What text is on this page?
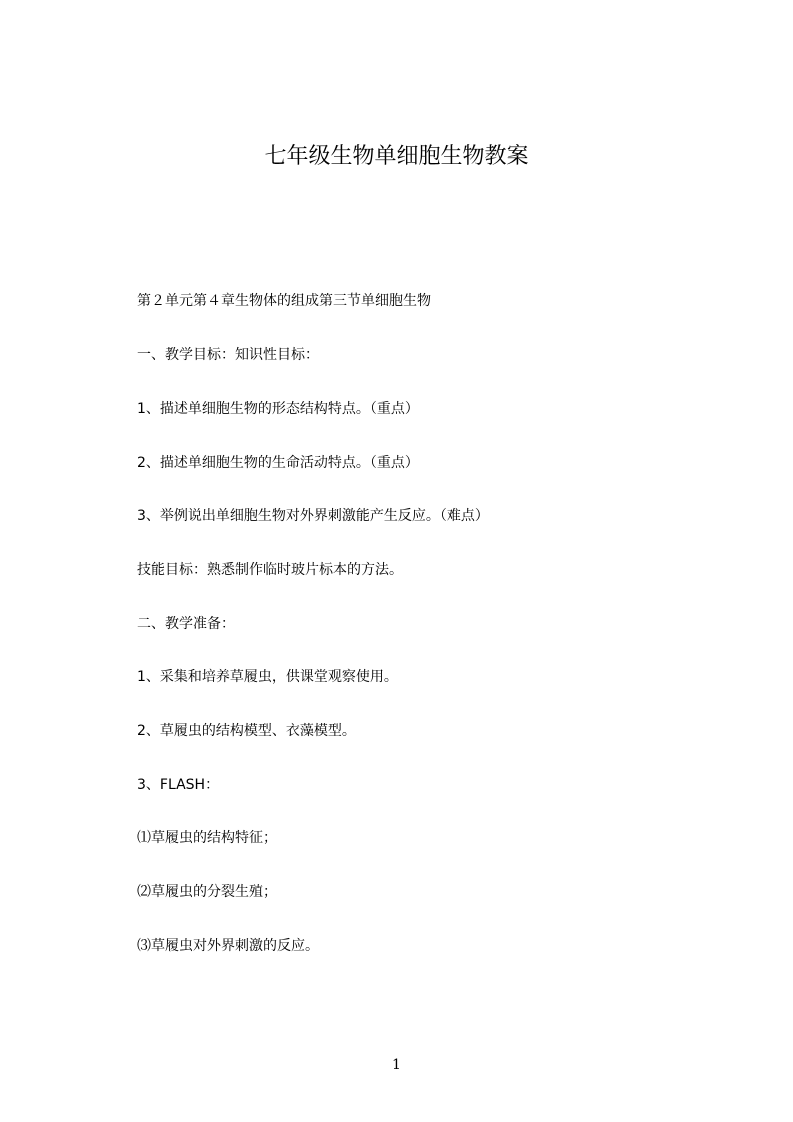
七年级生物单细胞生物教案
第２单元第４章生物体的组成第三节单细胞生物
一、教学目标：知识性目标：
1、描述单细胞生物的形态结构特点。（重点）
2、描述单细胞生物的生命活动特点。（重点）
3、举例说出单细胞生物对外界刺激能产生反应。（难点）
技能目标：熟悉制作临时玻片标本的方法。
二、教学准备：
1、采集和培养草履虫，供课堂观察使用。
2、草履虫的结构模型、衣藻模型。
3、FLASH：
⑴草履虫的结构特征；
⑵草履虫的分裂生殖；
⑶草履虫对外界刺激的反应。
1
